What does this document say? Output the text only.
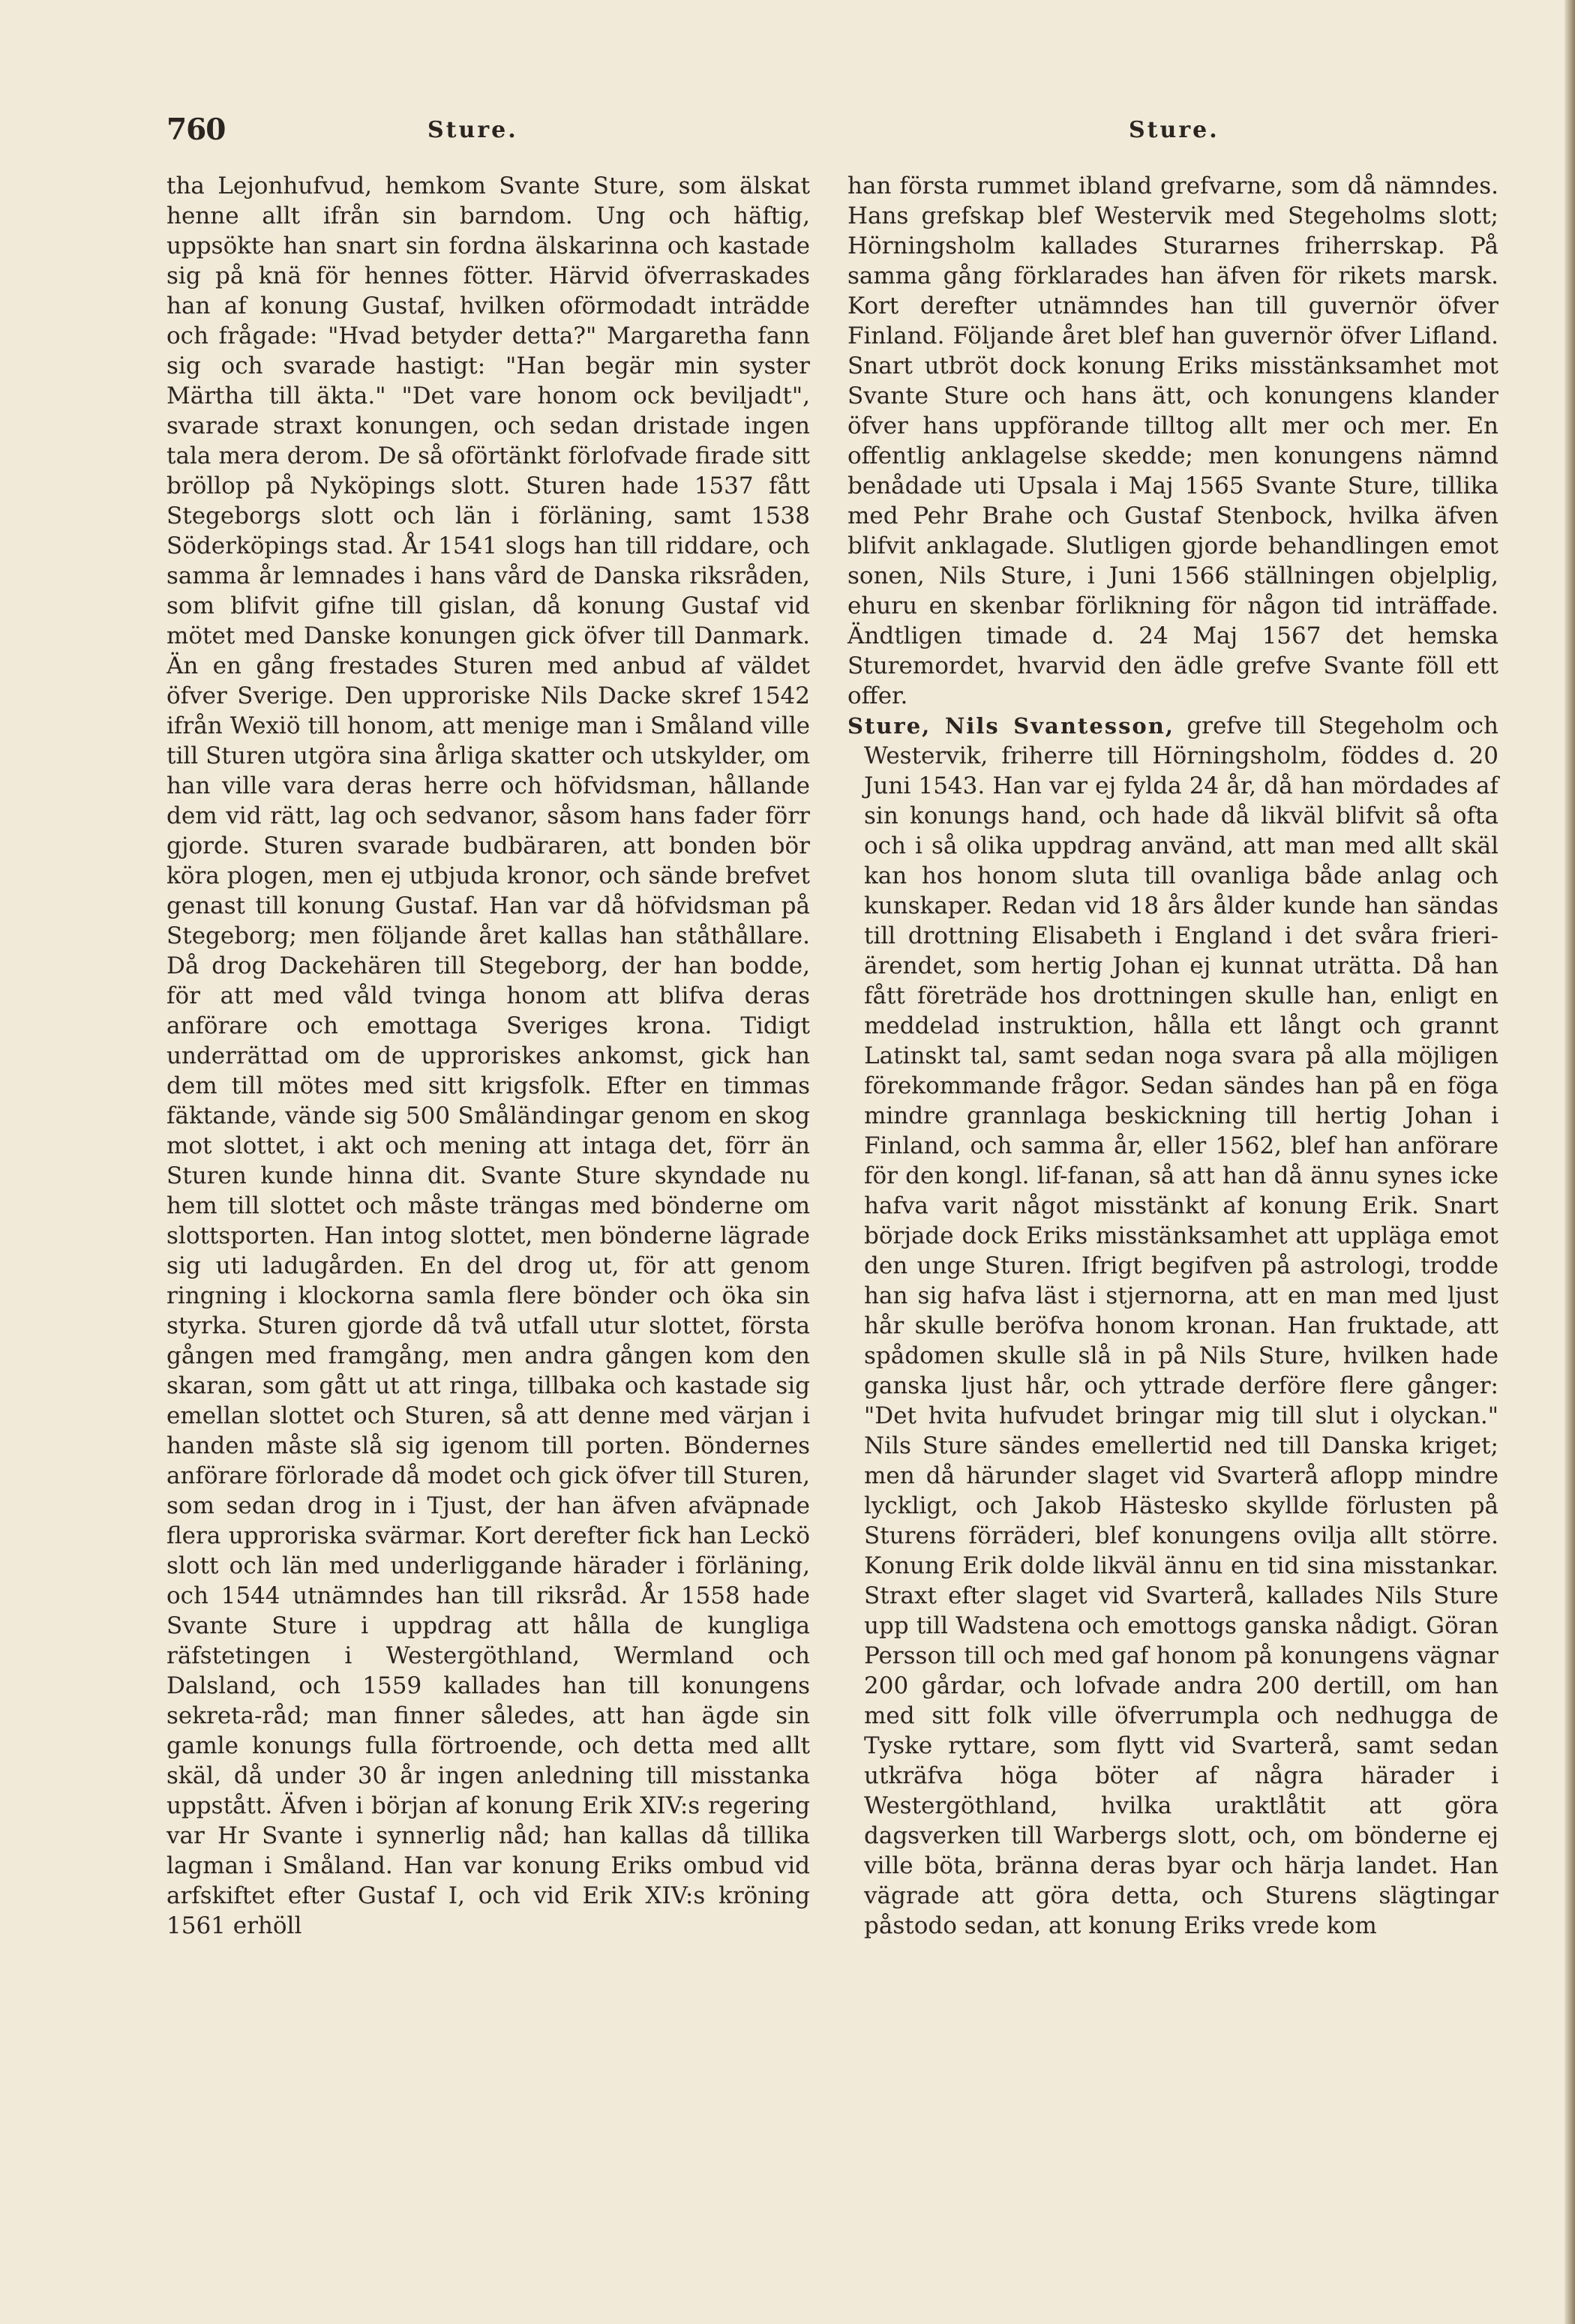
760	Sture.	Sture.

tha Lejonhufvud, hemkom Svante Sture, som älskat henne allt ifrån sin barndom. Ung och häftig, uppsökte han snart sin fordna älskarinna och kastade sig på knä för hennes fötter. Härvid öfverraskades han af konung Gustaf, hvilken oförmodadt inträdde och frågade: "Hvad betyder detta?" Margaretha fann sig och svarade hastigt: "Han begär min syster Märtha till äkta." "Det vare honom ock beviljadt", svarade straxt konungen, och sedan dristade ingen tala mera derom. De så oförtänkt förlofvade firade sitt bröllop på Nyköpings slott. Sturen hade 1537 fått Stegeborgs slott och län i förläning, samt 1538 Söderköpings stad. År 1541 slogs han till riddare, och samma år lemnades i hans vård de Danska riksråden, som blifvit gifne till gislan, då konung Gustaf vid mötet med Danske konungen gick öfver till Danmark. Än en gång frestades Sturen med anbud af väldet öfver Sverige. Den upproriske Nils Dacke skref 1542 ifrån Wexiö till honom, att menige man i Småland ville till Sturen utgöra sina årliga skatter och utskylder, om han ville vara deras herre och höfvidsman, hållande dem vid rätt, lag och sedvanor, såsom hans fader förr gjorde. Sturen svarade budbäraren, att bonden bör köra plogen, men ej utbjuda kronor, och sände brefvet genast till konung Gustaf. Han var då höfvidsman på Stegeborg; men följande året kallas han ståthållare. Då drog Dackehären till Stegeborg, der han bodde, för att med våld tvinga honom att blifva deras anförare och emottaga Sveriges krona. Tidigt underrättad om de upproriskes ankomst, gick han dem till mötes med sitt krigsfolk. Efter en timmas fäktande, vände sig 500 Småländingar genom en skog mot slottet, i akt och mening att intaga det, förr än Sturen kunde hinna dit. Svante Sture skyndade nu hem till slottet och måste trängas med bönderne om slottsporten. Han intog slottet, men bönderne lägrade sig uti ladugården. En del drog ut, för att genom ringning i klockorna samla flere bönder och öka sin styrka. Sturen gjorde då två utfall utur slottet, första gången med framgång, men andra gången kom den skaran, som gått ut att ringa, tillbaka och kastade sig emellan slottet och Sturen, så att denne med värjan i handen måste slå sig igenom till porten. Böndernes anförare förlorade då modet och gick öfver till Sturen, som sedan drog in i Tjust, der han äfven afväpnade flera upproriska svärmar. Kort derefter fick han Leckö slott och län med underliggande härader i förläning, och 1544 utnämndes han till riksråd. År 1558 hade Svante Sture i uppdrag att hålla de kungliga räfstetingen i Westergöthland, Wermland och Dalsland, och 1559 kallades han till konungens sekreta-råd; man finner således, att han ägde sin gamle konungs fulla förtroende, och detta med allt skäl, då under 30 år ingen anledning till misstanka uppstått. Äfven i början af konung Erik XIV:s regering var Hr Svante i synnerlig nåd; han kallas då tillika lagman i Småland. Han var konung Eriks ombud vid arfskiftet efter Gustaf I, och vid Erik XIV:s kröning 1561 erhöll

han första rummet ibland grefvarne, som då nämndes. Hans grefskap blef Westervik med Stegeholms slott; Hörningsholm kallades Sturarnes friherrskap. På samma gång förklarades han äfven för rikets marsk. Kort derefter utnämndes han till guvernör öfver Finland. Följande året blef han guvernör öfver Lifland. Snart utbröt dock konung Eriks misstänksamhet mot Svante Sture och hans ätt, och konungens klander öfver hans uppförande tilltog allt mer och mer. En offentlig anklagelse skedde; men konungens nämnd benådade uti Upsala i Maj 1565 Svante Sture, tillika med Pehr Brahe och Gustaf Stenbock, hvilka äfven blifvit anklagade. Slutligen gjorde behandlingen emot sonen, Nils Sture, i Juni 1566 ställningen objelplig, ehuru en skenbar förlikning för någon tid inträffade. Ändtligen timade d. 24 Maj 1567 det hemska Sturemordet, hvarvid den ädle grefve Svante föll ett offer.

Sture, Nils Svantesson, grefve till Stegeholm och Westervik, friherre till Hörningsholm, föddes d. 20 Juni 1543. Han var ej fylda 24 år, då han mördades af sin konungs hand, och hade då likväl blifvit så ofta och i så olika uppdrag använd, att man med allt skäl kan hos honom sluta till ovanliga både anlag och kunskaper. Redan vid 18 års ålder kunde han sändas till drottning Elisabeth i England i det svåra frieri-ärendet, som hertig Johan ej kunnat uträtta. Då han fått företräde hos drottningen skulle han, enligt en meddelad instruktion, hålla ett långt och grannt Latinskt tal, samt sedan noga svara på alla möjligen förekommande frågor. Sedan sändes han på en föga mindre grannlaga beskickning till hertig Johan i Finland, och samma år, eller 1562, blef han anförare för den kongl. lif-fanan, så att han då ännu synes icke hafva varit något misstänkt af konung Erik. Snart började dock Eriks misstänksamhet att uppläga emot den unge Sturen. Ifrigt begifven på astrologi, trodde han sig hafva läst i stjernorna, att en man med ljust hår skulle beröfva honom kronan. Han fruktade, att spådomen skulle slå in på Nils Sture, hvilken hade ganska ljust hår, och yttrade derföre flere gånger: "Det hvita hufvudet bringar mig till slut i olyckan." Nils Sture sändes emellertid ned till Danska kriget; men då härunder slaget vid Svarterå aflopp mindre lyckligt, och Jakob Hästesko skyllde förlusten på Sturens förräderi, blef konungens ovilja allt större. Konung Erik dolde likväl ännu en tid sina misstankar. Straxt efter slaget vid Svarterå, kallades Nils Sture upp till Wadstena och emottogs ganska nådigt. Göran Persson till och med gaf honom på konungens vägnar 200 gårdar, och lofvade andra 200 dertill, om han med sitt folk ville öfverrumpla och nedhugga de Tyske ryttare, som flytt vid Svarterå, samt sedan utkräfva höga böter af några härader i Westergöthland, hvilka uraktlåtit att göra dagsverken till Warbergs slott, och, om bönderne ej ville böta, bränna deras byar och härja landet. Han vägrade att göra detta, och Sturens slägtingar påstodo sedan, att konung Eriks vrede kom
